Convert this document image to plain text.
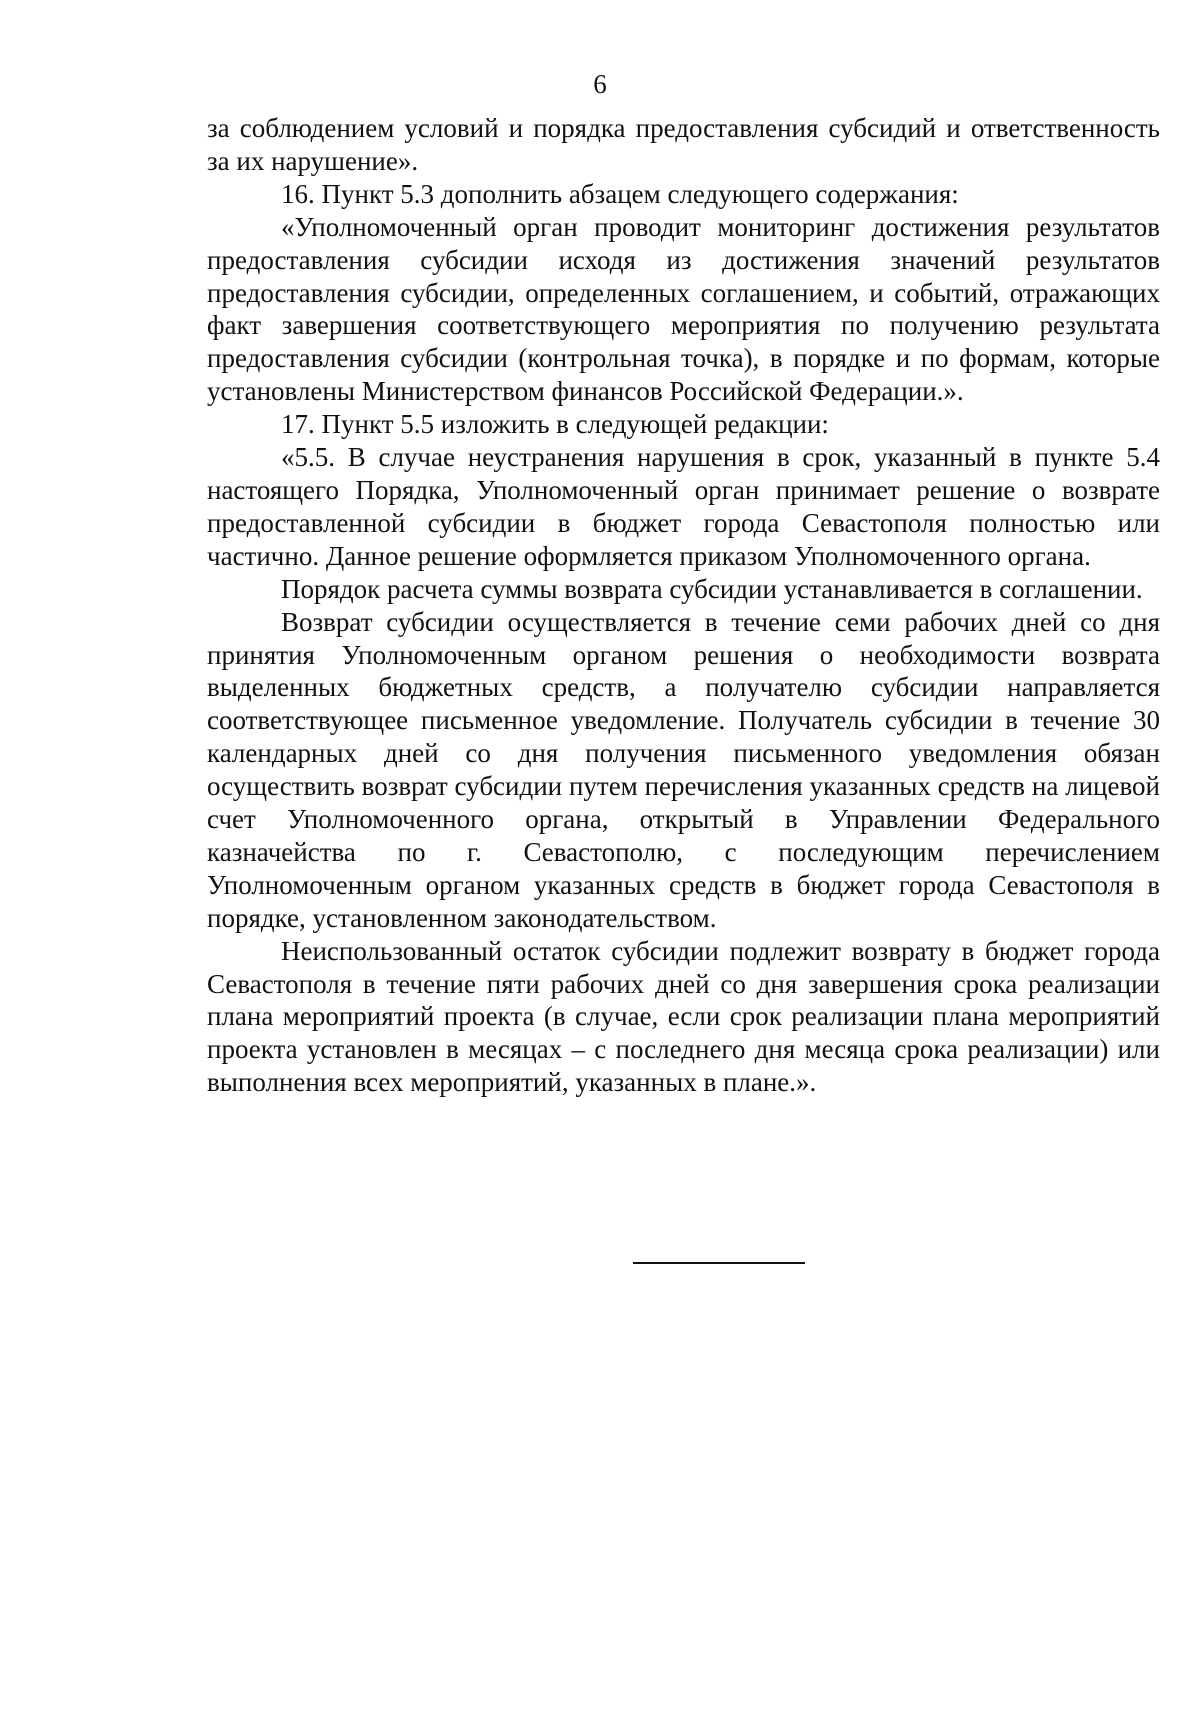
6

за соблюдением условий и порядка предоставления субсидий и ответственность за их нарушение».

16. Пункт 5.3 дополнить абзацем следующего содержания:

«Уполномоченный орган проводит мониторинг достижения результатов предоставления субсидии исходя из достижения значений результатов предоставления субсидии, определенных соглашением, и событий, отражающих факт завершения соответствующего мероприятия по получению результата предоставления субсидии (контрольная точка), в порядке и по формам, которые установлены Министерством финансов Российской Федерации.».

17. Пункт 5.5 изложить в следующей редакции:

«5.5. В случае неустранения нарушения в срок, указанный в пункте 5.4 настоящего Порядка, Уполномоченный орган принимает решение о возврате предоставленной субсидии в бюджет города Севастополя полностью или частично. Данное решение оформляется приказом Уполномоченного органа.

Порядок расчета суммы возврата субсидии устанавливается в соглашении.

Возврат субсидии осуществляется в течение семи рабочих дней со дня принятия Уполномоченным органом решения о необходимости возврата выделенных бюджетных средств, а получателю субсидии направляется соответствующее письменное уведомление. Получатель субсидии в течение 30 календарных дней со дня получения письменного уведомления обязан осуществить возврат субсидии путем перечисления указанных средств на лицевой счет Уполномоченного органа, открытый в Управлении Федерального казначейства по г. Севастополю, с последующим перечислением Уполномоченным органом указанных средств в бюджет города Севастополя в порядке, установленном законодательством.

Неиспользованный остаток субсидии подлежит возврату в бюджет города Севастополя в течение пяти рабочих дней со дня завершения срока реализации плана мероприятий проекта (в случае, если срок реализации плана мероприятий проекта установлен в месяцах – с последнего дня месяца срока реализации) или выполнения всех мероприятий, указанных в плане.».
